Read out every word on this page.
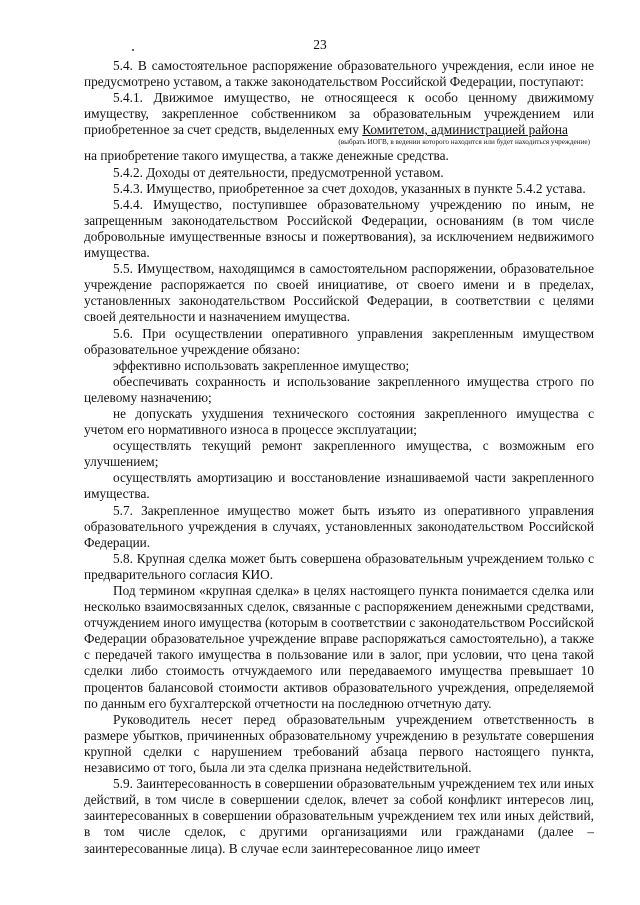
23

5.4. В самостоятельное распоряжение образовательного учреждения, если иное не предусмотрено уставом, а также законодательством Российской Федерации, поступают:

5.4.1. Движимое имущество, не относящееся к особо ценному движимому имуществу, закрепленное собственником за образовательным учреждением или приобретенное за счет средств, выделенных ему Комитетом, администрацией района

(выбрать ИОГВ, в ведении которого находится или будет находиться учреждение)

на приобретение такого имущества, а также денежные средства.

5.4.2. Доходы от деятельности, предусмотренной уставом.

5.4.3. Имущество, приобретенное за счет доходов, указанных в пункте 5.4.2 устава.

5.4.4. Имущество, поступившее образовательному учреждению по иным, не запрещенным законодательством Российской Федерации, основаниям (в том числе добровольные имущественные взносы и пожертвования), за исключением недвижимого имущества.

5.5. Имуществом, находящимся в самостоятельном распоряжении, образовательное учреждение распоряжается по своей инициативе, от своего имени и в пределах, установленных законодательством Российской Федерации, в соответствии с целями своей деятельности и назначением имущества.

5.6. При осуществлении оперативного управления закрепленным имуществом образовательное учреждение обязано:

эффективно использовать закрепленное имущество;

обеспечивать сохранность и использование закрепленного имущества строго по целевому назначению;

не допускать ухудшения технического состояния закрепленного имущества с учетом его нормативного износа в процессе эксплуатации;

осуществлять текущий ремонт закрепленного имущества, с возможным его улучшением;

осуществлять амортизацию и восстановление изнашиваемой части закрепленного имущества.

5.7. Закрепленное имущество может быть изъято из оперативного управления образовательного учреждения в случаях, установленных законодательством Российской Федерации.

5.8. Крупная сделка может быть совершена образовательным учреждением только с предварительного согласия КИО.

Под термином «крупная сделка» в целях настоящего пункта понимается сделка или несколько взаимосвязанных сделок, связанные с распоряжением денежными средствами, отчуждением иного имущества (которым в соответствии с законодательством Российской Федерации образовательное учреждение вправе распоряжаться самостоятельно), а также с передачей такого имущества в пользование или в залог, при условии, что цена такой сделки либо стоимость отчуждаемого или передаваемого имущества превышает 10 процентов балансовой стоимости активов образовательного учреждения, определяемой по данным его бухгалтерской отчетности на последнюю отчетную дату.

Руководитель несет перед образовательным учреждением ответственность в размере убытков, причиненных образовательному учреждению в результате совершения крупной сделки с нарушением требований абзаца первого настоящего пункта, независимо от того, была ли эта сделка признана недействительной.

5.9. Заинтересованность в совершении образовательным учреждением тех или иных действий, в том числе в совершении сделок, влечет за собой конфликт интересов лиц, заинтересованных в совершении образовательным учреждением тех или иных действий, в том числе сделок, с другими организациями или гражданами (далее – заинтересованные лица). В случае если заинтересованное лицо имеет
